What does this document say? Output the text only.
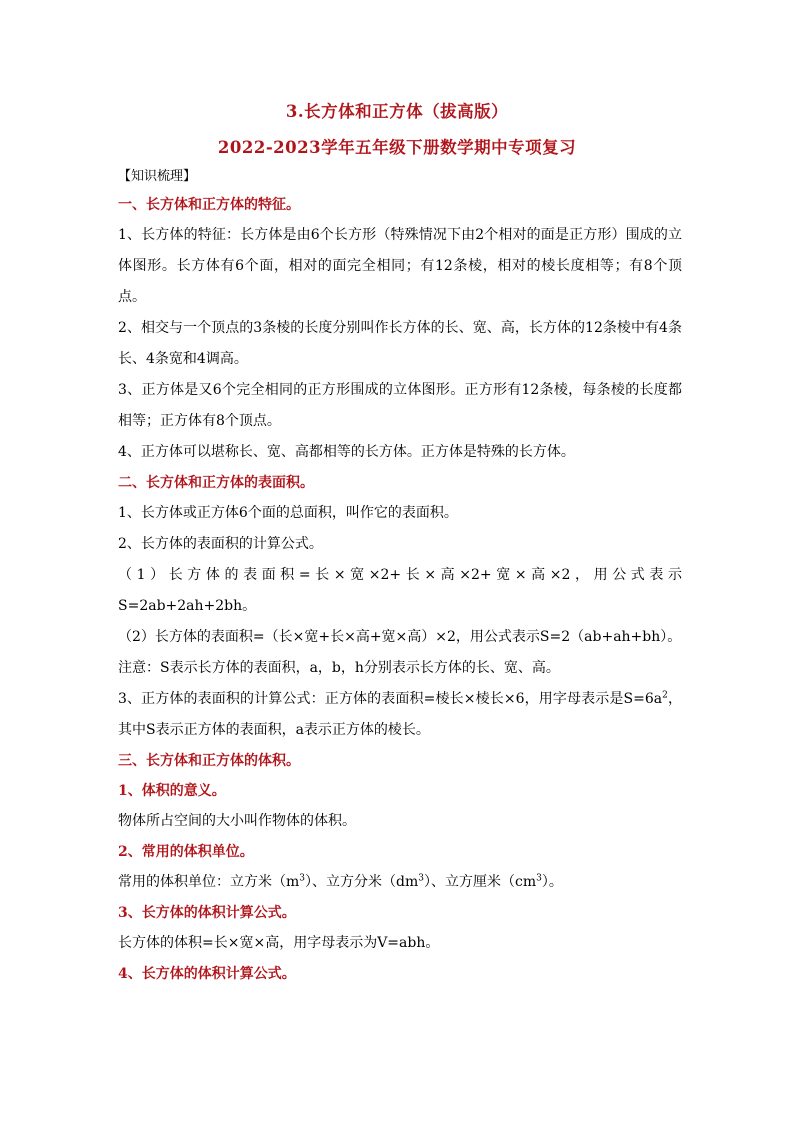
3.长方体和正方体（拔高版）
2022-2023学年五年级下册数学期中专项复习
【知识梳理】
一、长方体和正方体的特征。

1、长方体的特征：长方体是由6个长方形（特殊情况下由2个相对的面是正方形）围成的立体图形。长方体有6个面，相对的面完全相同；有12条棱，相对的棱长度相等；有8个顶点。

2、相交与一个顶点的3条棱的长度分别叫作长方体的长、宽、高，长方体的12条棱中有4条长、4条宽和4调高。

3、正方体是又6个完全相同的正方形围成的立体图形。正方形有12条棱，每条棱的长度都相等；正方体有8个顶点。

4、正方体可以堪称长、宽、高都相等的长方体。正方体是特殊的长方体。

二、长方体和正方体的表面积。

1、长方体或正方体6个面的总面积，叫作它的表面积。

2、长方体的表面积的计算公式。

（1）长方体的表面积=长×宽×2+长×高×2+宽×高×2，用公式表示S=2ab+2ah+2bh。

（2）长方体的表面积=（长×宽+长×高+宽×高）×2，用公式表示S=2（ab+ah+bh）。

注意：S表示长方体的表面积，a，b，h分别表示长方体的长、宽、高。

3、正方体的表面积的计算公式：正方体的表面积=棱长×棱长×6，用字母表示是$S=6a^2$，其中S表示正方体的表面积，a表示正方体的棱长。

三、长方体和正方体的体积。
1、体积的意义。

物体所占空间的大小叫作物体的体积。

2、常用的体积单位。

常用的体积单位：立方米$(m^3)$、立方分米$(dm^3)$、立方厘米$(cm^3)$。

3、长方体的体积计算公式。

长方体的体积=长×宽×高，用字母表示为V=abh。

4、长方体的体积计算公式。
